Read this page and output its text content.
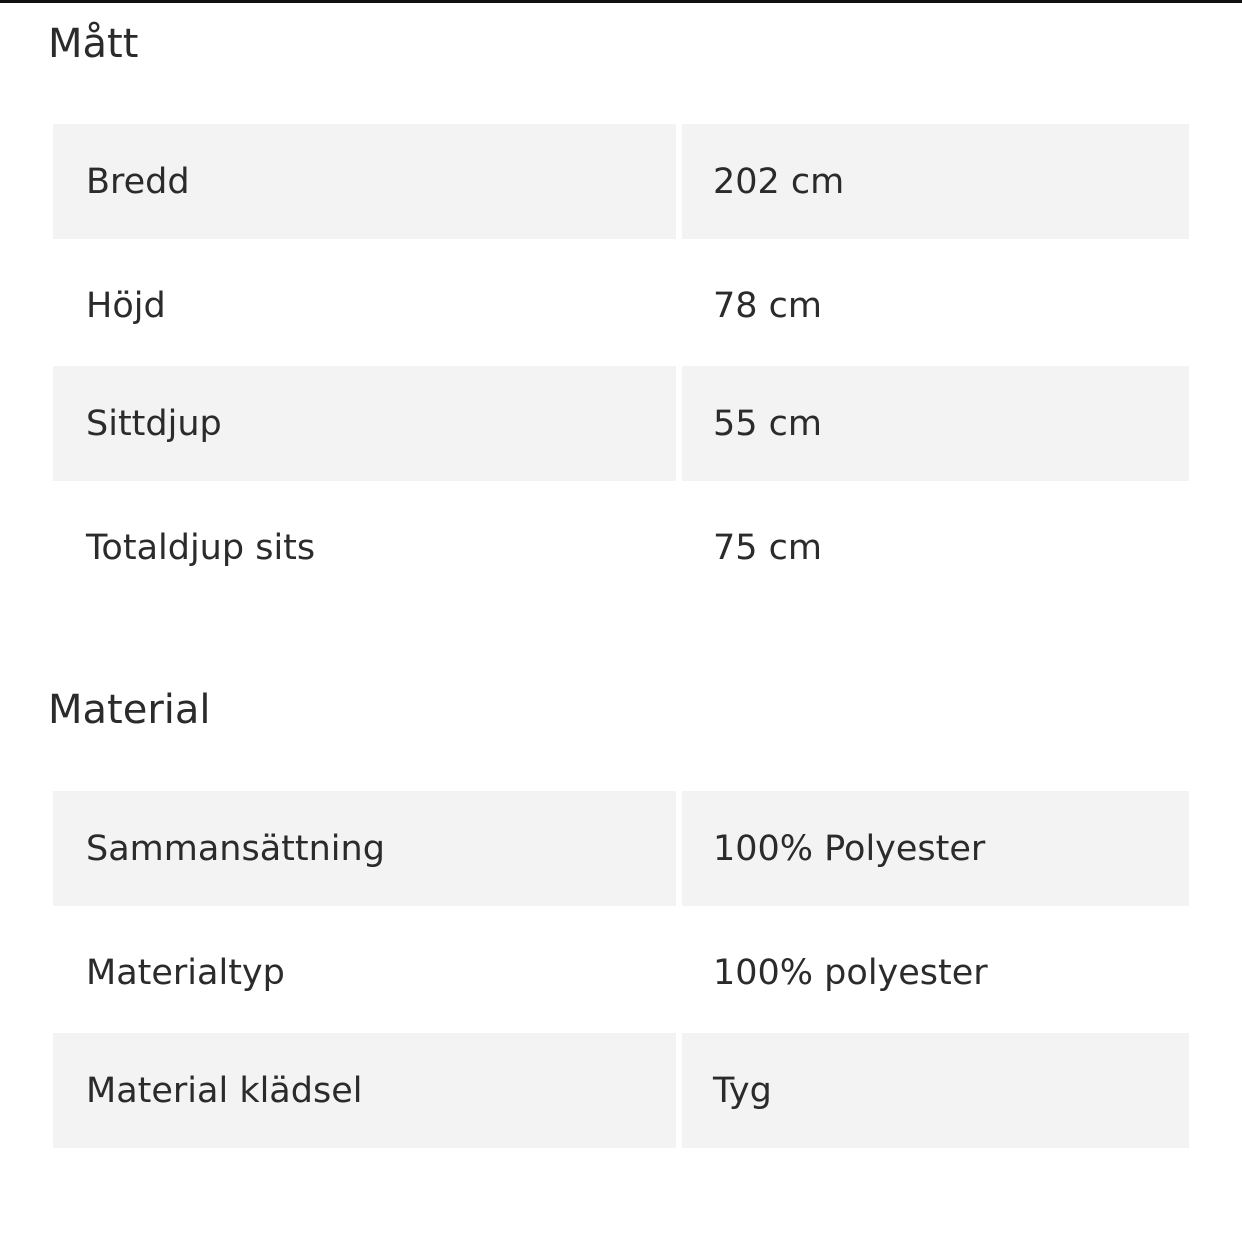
Mått
Bredd	202 cm
Höjd	78 cm
Sittdjup	55 cm
Totaldjup sits	75 cm
Material
Sammansättning	100% Polyester
Materialtyp	100% polyester
Material klädsel	Tyg
